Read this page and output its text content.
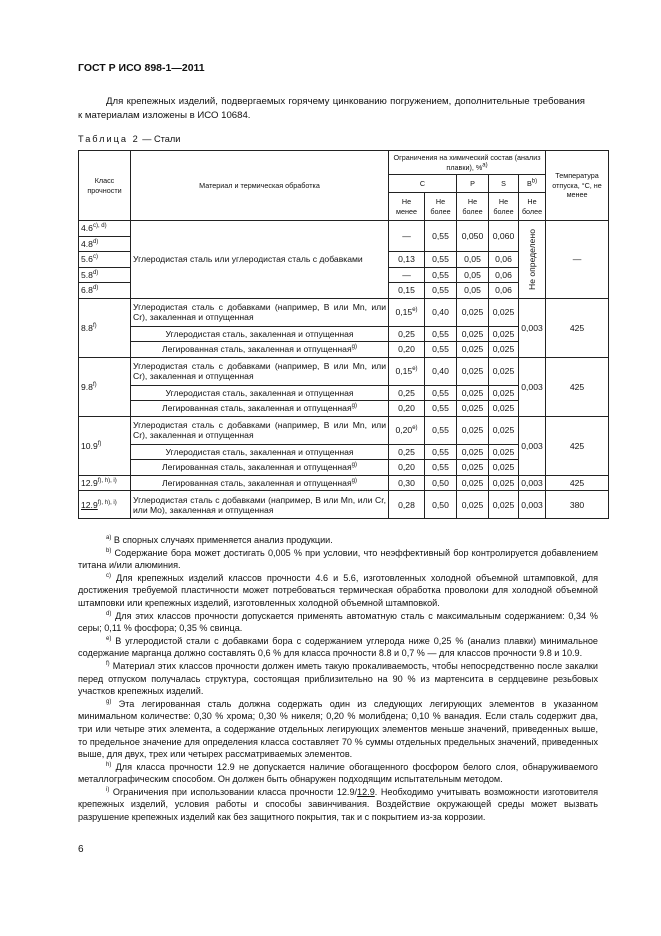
ГОСТ Р ИСО 898-1—2011
Для крепежных изделий, подвергаемых горячему цинкованию погружением, дополнительные требования к материалам изложены в ИСО 10684.
Таблица 2 — Стали
Класс прочности	Материал и термическая обработка	Ограничения на химический состав (анализ плавки), %$^{a)}$					Температура отпуска, °С, не менее
		C		P	S	$B^{b)}$
		Не менее	Не более	Не более	Не более	Не более	
$4.6^{c), d)}$	Углеродистая сталь или углеродистая сталь с добавками	—	0,55	0,050	0,060	Не определено	—
4.8$^{d)}$
5.6$^{c)}$		0,13	0,55	0,05	0,06		
5.8$^{d)}$		—	0,55	0,05	0,06		
6.8$^{d)}$		0,15	0,55	0,05	0,06		
8.8$^{f)}$	Углеродистая сталь с добавками (например, B или Mn, или Cr), закаленная и отпущенная	0,15$^{e)}$	0,40	0,025	0,025	0,003	425
	Углеродистая сталь, закаленная и отпущенная	0,25	0,55	0,025	0,025		
	Легированная сталь, закаленная и отпущенная$^{g)}$	0,20	0,55	0,025	0,025		
9.8$^{f)}$	Углеродистая сталь с добавками (например, B или Mn, или Cr), закаленная и отпущенная	0,15$^{e)}$	0,40	0,025	0,025	0,003	425
	Углеродистая сталь, закаленная и отпущенная	0,25	0,55	0,025	0,025		
	Легированная сталь, закаленная и отпущенная$^{g)}$	0,20	0,55	0,025	0,025		
10.9$^{f)}$	Углеродистая сталь с добавками (например, B или Mn, или Cr), закаленная и отпущенная	0,20$^{e)}$	0,55	0,025	0,025	0,003	425
	Углеродистая сталь, закаленная и отпущенная	0,25	0,55	0,025	0,025		
	Легированная сталь, закаленная и отпущенная$^{g)}$	0,20	0,55	0,025	0,025		
$12.9^{f), h), i)}$	Легированная сталь, закаленная и отпущенная$^{g)}$	0,30	0,50	0,025	0,025	0,003	425
$12.9^{f), h), i)}$	Углеродистая сталь с добавками (например, B или Mn, или Cr, или Mo), закаленная и отпущенная	0,28	0,50	0,025	0,025	0,003	380

$^{a)}$ В спорных случаях применяется анализ продукции.

$^{b)}$ Содержание бора может достигать 0,005 % при условии, что неэффективный бор контролируется добавлением титана и/или алюминия.

$^{c)}$ Для крепежных изделий классов прочности 4.6 и 5.6, изготовленных холодной объемной штамповкой, для достижения требуемой пластичности может потребоваться термическая обработка проволоки для холодной объемной штамповки или крепежных изделий, изготовленных холодной объемной штамповкой.

$^{d)}$ Для этих классов прочности допускается применять автоматную сталь с максимальным содержанием: 0,34 % серы; 0,11 % фосфора; 0,35 % свинца.

$^{e)}$ В углеродистой стали с добавками бора с содержанием углерода ниже 0,25 % (анализ плавки) минимальное содержание марганца должно составлять 0,6 % для класса прочности 8.8 и 0,7 % — для классов прочности 9.8 и 10.9.

$^{f)}$ Материал этих классов прочности должен иметь такую прокаливаемость, чтобы непосредственно после закалки перед отпуском получалась структура, состоящая приблизительно на 90 % из мартенсита в сердцевине резьбовых участков крепежных изделий.

$^{g)}$ Эта легированная сталь должна содержать один из следующих легирующих элементов в указанном минимальном количестве: 0,30 % хрома; 0,30 % никеля; 0,20 % молибдена; 0,10 % ванадия. Если сталь содержит два, три или четыре этих элемента, а содержание отдельных легирующих элементов меньше значений, приведенных выше, то предельное значение для определения класса составляет 70 % суммы отдельных предельных значений, приведенных выше, для двух, трех или четырех рассматриваемых элементов.

$^{h)}$ Для класса прочности 12.9 не допускается наличие обогащенного фосфором белого слоя, обнаруживаемого металлографическим способом. Он должен быть обнаружен подходящим испытательным методом.

$^{i)}$ Ограничения при использовании класса прочности 12.9/12.9. Необходимо учитывать возможности изготовителя крепежных изделий, условия работы и способы завинчивания. Воздействие окружающей среды может вызвать разрушение крепежных изделий как без защитного покрытия, так и с покрытием из-за коррозии.

6
